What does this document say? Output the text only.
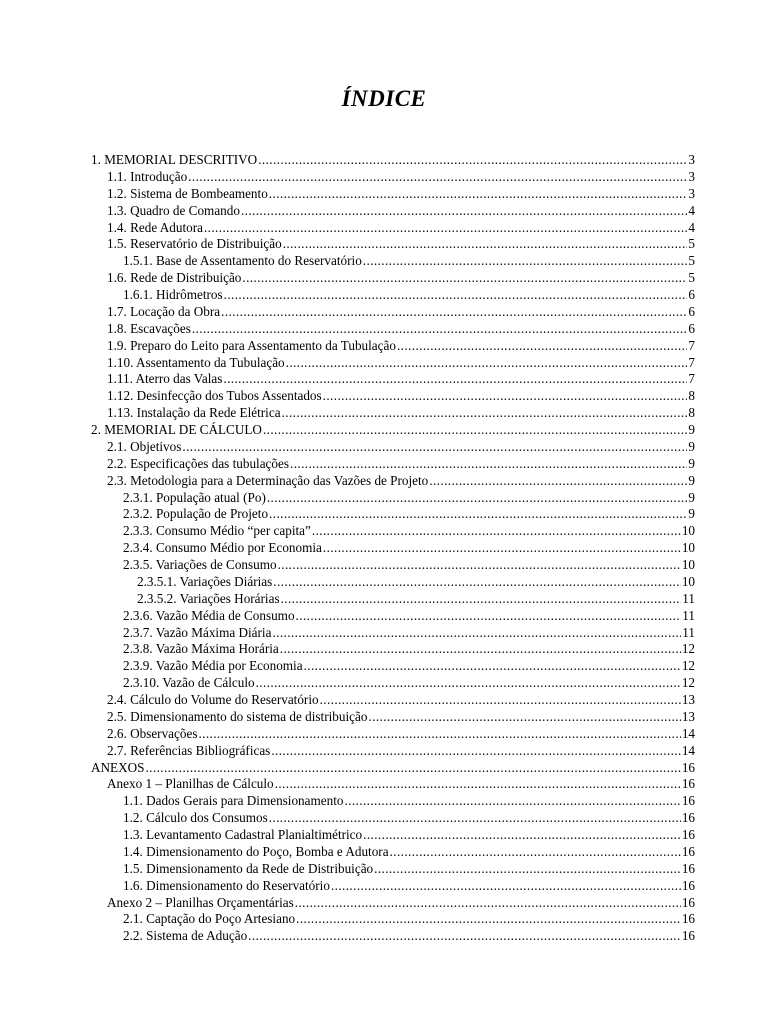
ÍNDICE
1. MEMORIAL DESCRITIVO .....	3
1.1. Introdução .....	3
1.2. Sistema de Bombeamento .....	3
1.3. Quadro de Comando .....	4
1.4. Rede Adutora .....	4
1.5. Reservatório de Distribuição .....	5
1.5.1. Base de Assentamento do Reservatório .....	5
1.6. Rede de Distribuição .....	5
1.6.1. Hidrômetros .....	6
1.7. Locação da Obra .....	6
1.8. Escavações .....	6
1.9. Preparo do Leito para Assentamento da Tubulação .....	7
1.10. Assentamento da Tubulação .....	7
1.11. Aterro das Valas .....	7
1.12. Desinfecção dos Tubos Assentados .....	8
1.13. Instalação da Rede Elétrica .....	8
2. MEMORIAL DE CÁLCULO .....	9
2.1. Objetivos .....	9
2.2. Especificações das tubulações .....	9
2.3. Metodologia para a Determinação das Vazões de Projeto .....	9
2.3.1. População atual (Po) .....	9
2.3.2. População de Projeto .....	9
2.3.3. Consumo Médio “per capita” .....	10
2.3.4. Consumo Médio por Economia .....	10
2.3.5. Variações de Consumo .....	10
2.3.5.1. Variações Diárias .....	10
2.3.5.2. Variações Horárias .....	11
2.3.6. Vazão Média de Consumo .....	11
2.3.7. Vazão Máxima Diária .....	11
2.3.8. Vazão Máxima Horária .....	12
2.3.9. Vazão Média por Economia .....	12
2.3.10. Vazão de Cálculo .....	12
2.4. Cálculo do Volume do Reservatório .....	13
2.5. Dimensionamento do sistema de distribuição .....	13
2.6. Observações .....	14
2.7. Referências Bibliográficas .....	14
ANEXOS .....	16
Anexo 1 – Planilhas de Cálculo .....	16
1.1. Dados Gerais para Dimensionamento .....	16
1.2. Cálculo dos Consumos .....	16
1.3. Levantamento Cadastral Planialtimétrico .....	16
1.4. Dimensionamento do Poço, Bomba e Adutora .....	16
1.5. Dimensionamento da Rede de Distribuição .....	16
1.6. Dimensionamento do Reservatório .....	16
Anexo 2 – Planilhas Orçamentárias .....	16
2.1. Captação do Poço Artesiano .....	16
2.2. Sistema de Adução .....	16
